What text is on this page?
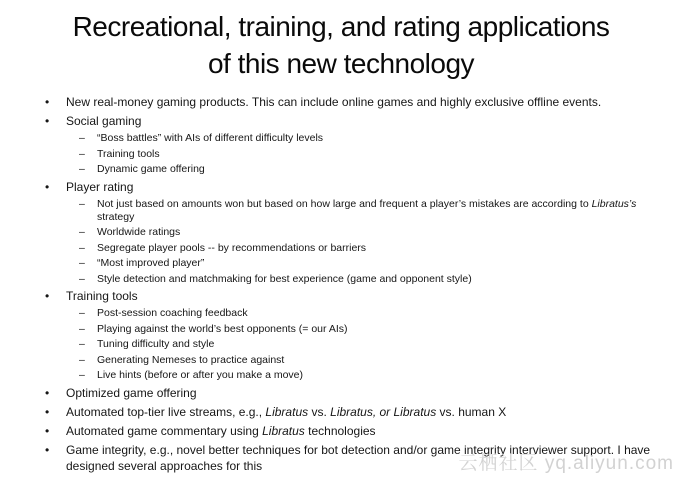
Recreational, training, and rating applications
of this new technology
• New real-money gaming products. This can include online games and highly exclusive offline events.
• Social gaming
– “Boss battles” with AIs of different difficulty levels
– Training tools
– Dynamic game offering
• Player rating
– Not just based on amounts won but based on how large and frequent a player’s mistakes are according to Libratus’s strategy
– Worldwide ratings
– Segregate player pools -- by recommendations or barriers
– “Most improved player”
– Style detection and matchmaking for best experience (game and opponent style)
• Training tools
– Post-session coaching feedback
– Playing against the world’s best opponents (= our AIs)
– Tuning difficulty and style
– Generating Nemeses to practice against
– Live hints (before or after you make a move)
• Optimized game offering
• Automated top-tier live streams, e.g., Libratus vs. Libratus, or Libratus vs. human X
• Automated game commentary using Libratus technologies
• Game integrity, e.g., novel better techniques for bot detection and/or game integrity interviewer support. I have designed several approaches for this	云栖社区 yq.aliyun.com
